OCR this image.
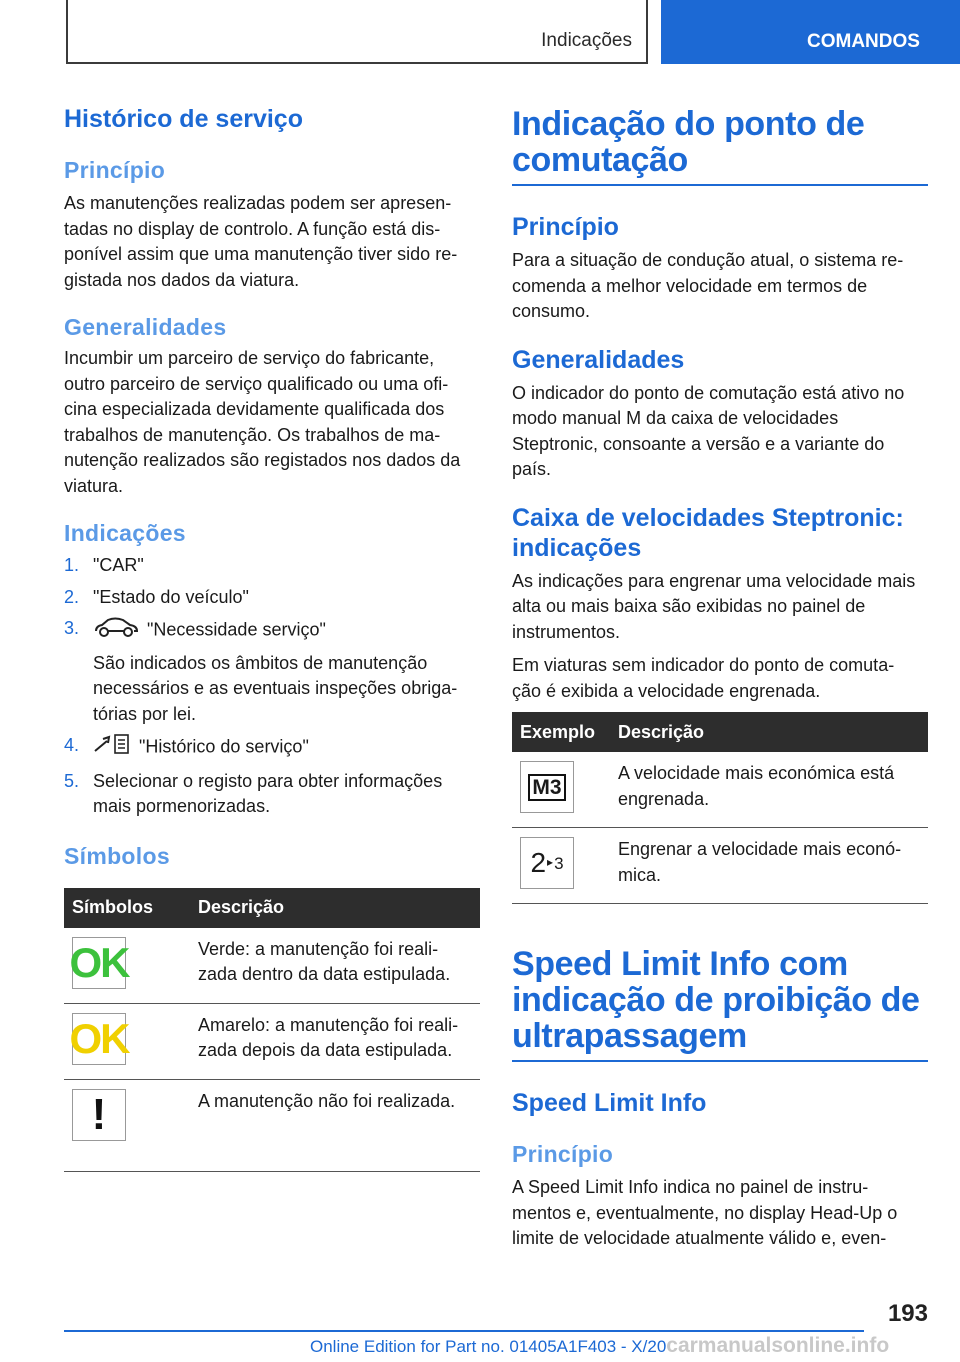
Indicações	COMANDOS
Histórico de serviço
Princípio

As manutenções realizadas podem ser apresen- tadas no display de controlo. A função está dis- ponível assim que uma manutenção tiver sido re- gistada nos dados da viatura.

Generalidades

Incumbir um parceiro de serviço do fabricante, outro parceiro de serviço qualificado ou uma ofi- cina especializada devidamente qualificada dos trabalhos de manutenção. Os trabalhos de ma- nutenção realizados são registados nos dados da viatura.

Indicações
1. "CAR"
2. "Estado do veículo"
3.	"Necessidade serviço"
São indicados os âmbitos de manutenção necessários e as eventuais inspeções obriga- tórias por lei.
4.	"Histórico do serviço"
5. Selecionar o registo para obter informações mais pormenorizadas.
Símbolos
Símbolos	Descrição

OK	Verde: a manutenção foi reali- zada dentro da data estipulada.

OK	Amarelo: a manutenção foi reali- zada depois da data estipulada.

!	A manutenção não foi realizada.
Indicação do ponto de comutação
Princípio

Para a situação de condução atual, o sistema re- comenda a melhor velocidade em termos de consumo.

Generalidades

O indicador do ponto de comutação está ativo no modo manual M da caixa de velocidades Steptronic, consoante a versão e a variante do país.

Caixa de velocidades Steptronic: indicações

As indicações para engrenar uma velocidade mais alta ou mais baixa são exibidas no painel de instrumentos.

Em viaturas sem indicador do ponto de comuta- ção é exibida a velocidade engrenada.

Exemplo	Descrição

M3	A velocidade mais económica está engrenada.

2 ▸ 3	Engrenar a velocidade mais econó- mica.
Speed Limit Info com indicação de proibição de ultrapassagem
Speed Limit Info
Princípio

A Speed Limit Info indica no painel de instru- mentos e, eventualmente, no display Head-Up o limite de velocidade atualmente válido e, even-

193
Online Edition for Part no. 01405A1F403 - X/20carmanualsonline.info
